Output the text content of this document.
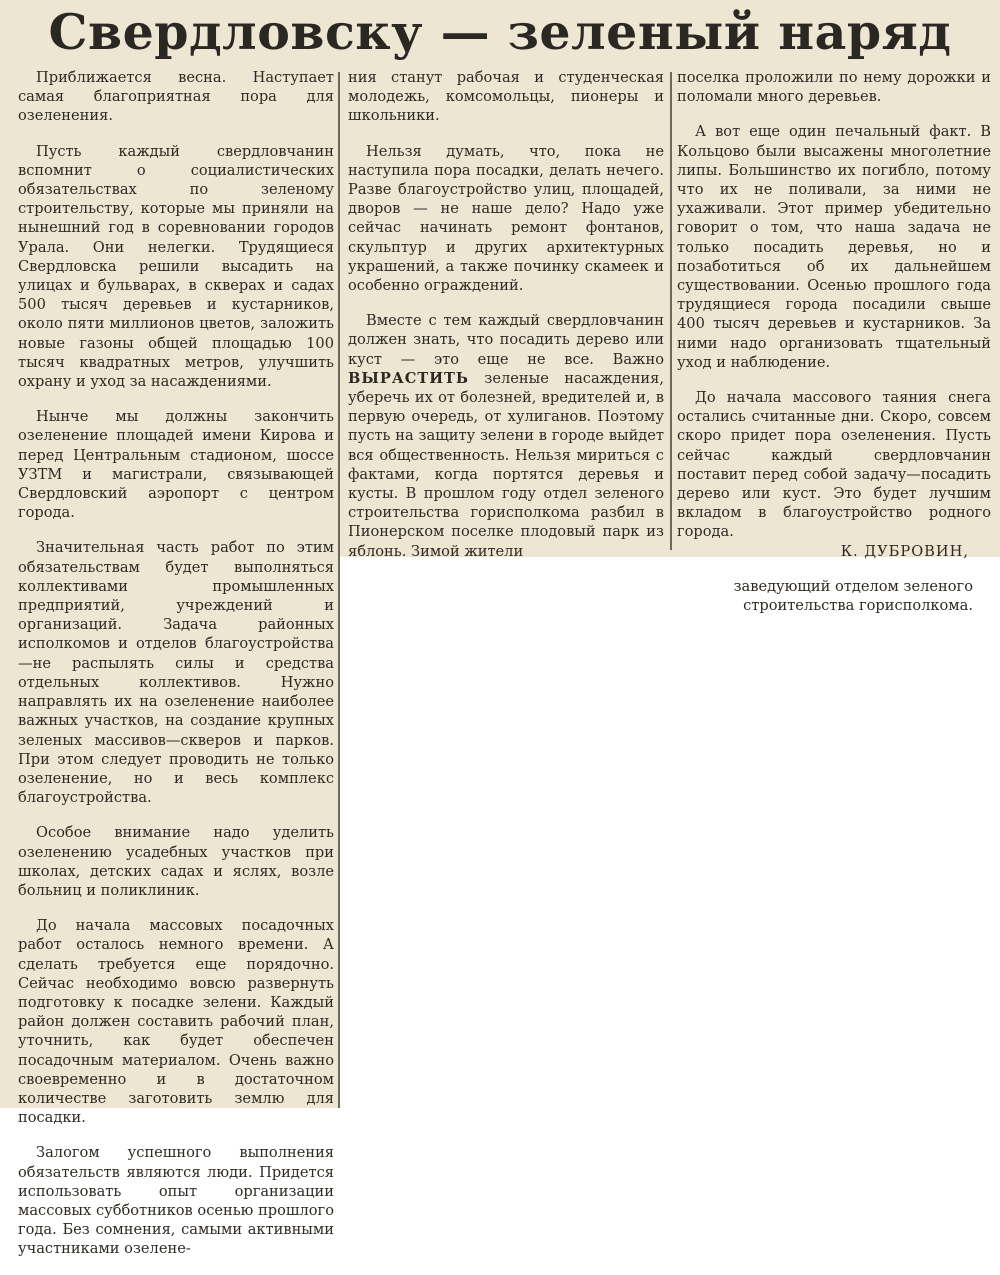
Свердловску — зеленый наряд

Приближается весна. Наступает самая благоприятная пора для озеленения.

Пусть каждый свердловчанин вспомнит о социалистических обязательствах по зеленому строительству, которые мы приняли на нынешний год в соревновании городов Урала. Они нелегки. Трудящиеся Свердловска решили высадить на улицах и бульварах, в скверах и садах 500 тысяч деревьев и кустарников, около пяти миллионов цветов, заложить новые газоны общей площадью 100 тысяч квадратных метров, улучшить охрану и уход за насаждениями.

Нынче мы должны закончить озеленение площадей имени Кирова и перед Центральным стадионом, шоссе УЗТМ и магистрали, связывающей Свердловский аэропорт с центром города.

Значительная часть работ по этим обязательствам будет выполняться коллективами промышленных предприятий, учреждений и организаций. Задача районных исполкомов и отделов благоустройства—не распылять силы и средства отдельных коллективов. Нужно направлять их на озеленение наиболее важных участков, на создание крупных зеленых массивов—скверов и парков. При этом следует проводить не только озеленение, но и весь комплекс благоустройства.

Особое внимание надо уделить озеленению усадебных участков при школах, детских садах и яслях, возле больниц и поликлиник.

До начала массовых посадочных работ осталось немного времени. А сделать требуется еще порядочно. Сейчас необходимо вовсю развернуть подготовку к посадке зелени. Каждый район должен составить рабочий план, уточнить, как будет обеспечен посадочным материалом. Очень важно своевременно и в достаточном количестве заготовить землю для посадки.

Залогом успешного выполнения обязательств являются люди. Придется использовать опыт организации массовых субботников осенью прошлого года. Без сомнения, самыми активными участниками озелене-

ния станут рабочая и студенческая молодежь, комсомольцы, пионеры и школьники.

Нельзя думать, что, пока не наступила пора посадки, делать нечего. Разве благоустройство улиц, площадей, дворов — не наше дело? Надо уже сейчас начинать ремонт фонтанов, скульптур и других архитектурных украшений, а также починку скамеек и особенно ограждений.

Вместе с тем каждый свердловчанин должен знать, что посадить дерево или куст — это еще не все. Важно ВЫРАСТИТЬ зеленые насаждения, уберечь их от болезней, вредителей и, в первую очередь, от хулиганов. Поэтому пусть на защиту зелени в городе выйдет вся общественность. Нельзя мириться с фактами, когда портятся деревья и кусты. В прошлом году отдел зеленого строительства горисполкома разбил в Пионерском поселке плодовый парк из яблонь. Зимой жители

поселка проложили по нему дорожки и поломали много деревьев.

А вот еще один печальный факт. В Кольцово были высажены многолетние липы. Большинство их погибло, потому что их не поливали, за ними не ухаживали. Этот пример убедительно говорит о том, что наша задача не только посадить деревья, но и позаботиться об их дальнейшем существовании. Осенью прошлого года трудящиеся города посадили свыше 400 тысяч деревьев и кустарников. За ними надо организовать тщательный уход и наблюдение.

До начала массового таяния снега остались считанные дни. Скоро, совсем скоро придет пора озеленения. Пусть сейчас каждый свердловчанин поставит перед собой задачу—посадить дерево или куст. Это будет лучшим вкладом в благоустройство родного города.

К. ДУБРОВИН,

заведующий отделом зеленого строительства горисполкома.
